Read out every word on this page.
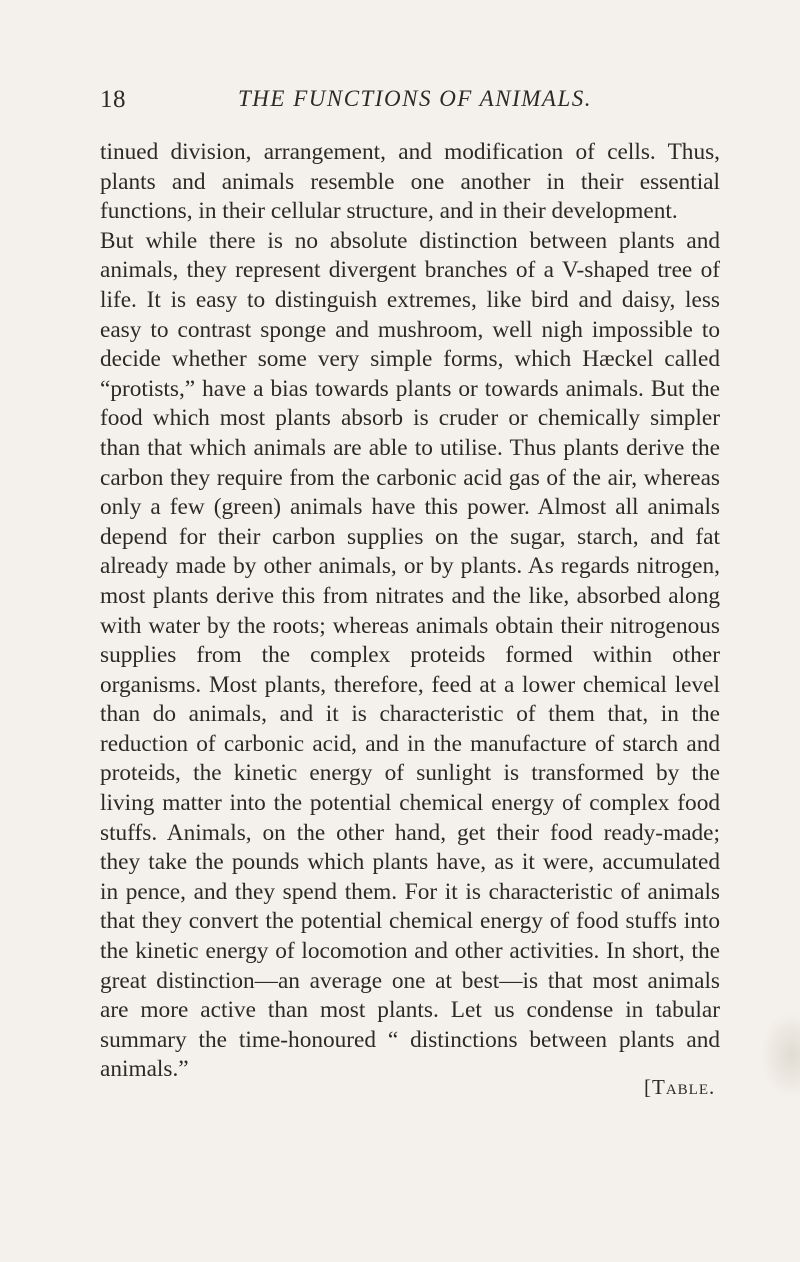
18	THE FUNCTIONS OF ANIMALS.

tinued division, arrangement, and modification of cells. Thus, plants and animals resemble one another in their essential functions, in their cellular structure, and in their development.

But while there is no absolute distinction between plants and animals, they represent divergent branches of a V-shaped tree of life. It is easy to distinguish extremes, like bird and daisy, less easy to contrast sponge and mushroom, well nigh impossible to decide whether some very simple forms, which Hæckel called “protists,” have a bias towards plants or towards animals. But the food which most plants absorb is cruder or chemically simpler than that which animals are able to utilise. Thus plants derive the carbon they require from the carbonic acid gas of the air, whereas only a few (green) animals have this power. Almost all animals depend for their carbon supplies on the sugar, starch, and fat already made by other animals, or by plants. As regards nitrogen, most plants derive this from nitrates and the like, absorbed along with water by the roots; whereas animals obtain their nitrogenous supplies from the complex proteids formed within other organisms. Most plants, therefore, feed at a lower chemical level than do animals, and it is characteristic of them that, in the reduction of carbonic acid, and in the manufacture of starch and proteids, the kinetic energy of sunlight is transformed by the living matter into the potential chemical energy of complex food stuffs. Animals, on the other hand, get their food ready-made; they take the pounds which plants have, as it were, accumulated in pence, and they spend them. For it is characteristic of animals that they convert the potential chemical energy of food stuffs into the kinetic energy of locomotion and other activities. In short, the great distinction—an average one at best—is that most animals are more active than most plants. Let us condense in tabular summary the time-honoured “ distinctions between plants and animals.”

[Table.
